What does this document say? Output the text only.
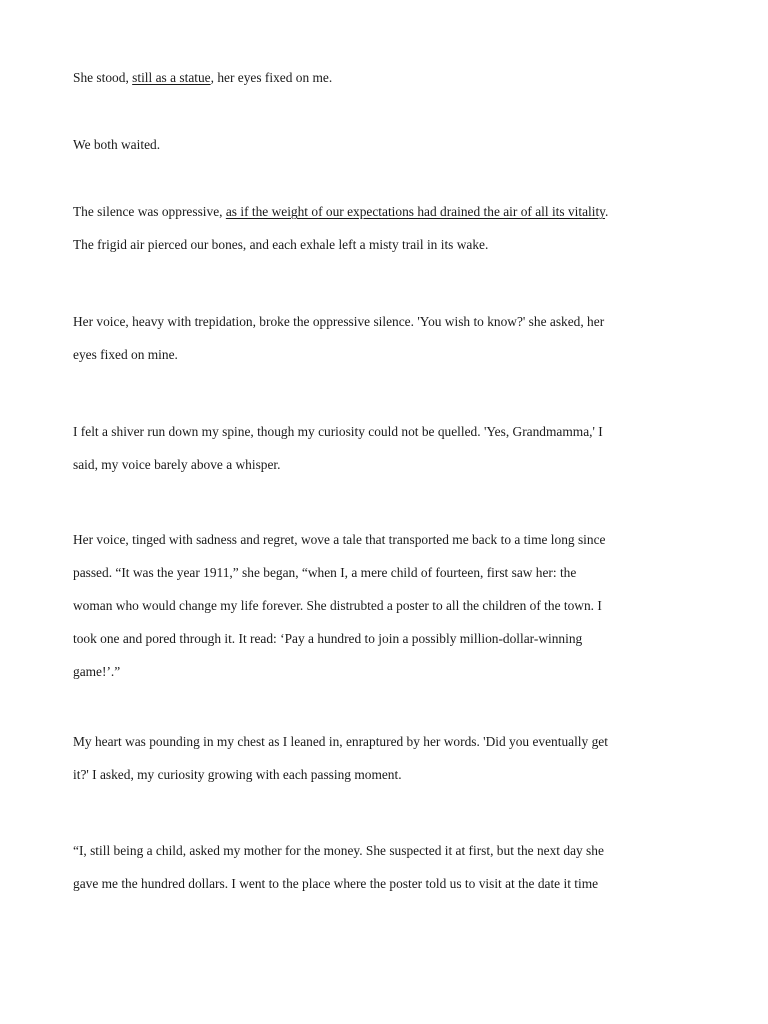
She stood, still as a statue, her eyes fixed on me.
We both waited.
The silence was oppressive, as if the weight of our expectations had drained the air of all its vitality.
The frigid air pierced our bones, and each exhale left a misty trail in its wake.
Her voice, heavy with trepidation, broke the oppressive silence. 'You wish to know?' she asked, her
eyes fixed on mine.
I felt a shiver run down my spine, though my curiosity could not be quelled. 'Yes, Grandmamma,' I
said, my voice barely above a whisper.
Her voice, tinged with sadness and regret, wove a tale that transported me back to a time long since
passed. “It was the year 1911,” she began, “when I, a mere child of fourteen, first saw her: the
woman who would change my life forever. She distrubted a poster to all the children of the town. I
took one and pored through it. It read: ‘Pay a hundred to join a possibly million-dollar-winning
game!’.”
My heart was pounding in my chest as I leaned in, enraptured by her words. 'Did you eventually get
it?' I asked, my curiosity growing with each passing moment.
“I, still being a child, asked my mother for the money. She suspected it at first, but the next day she
gave me the hundred dollars. I went to the place where the poster told us to visit at the date it time
